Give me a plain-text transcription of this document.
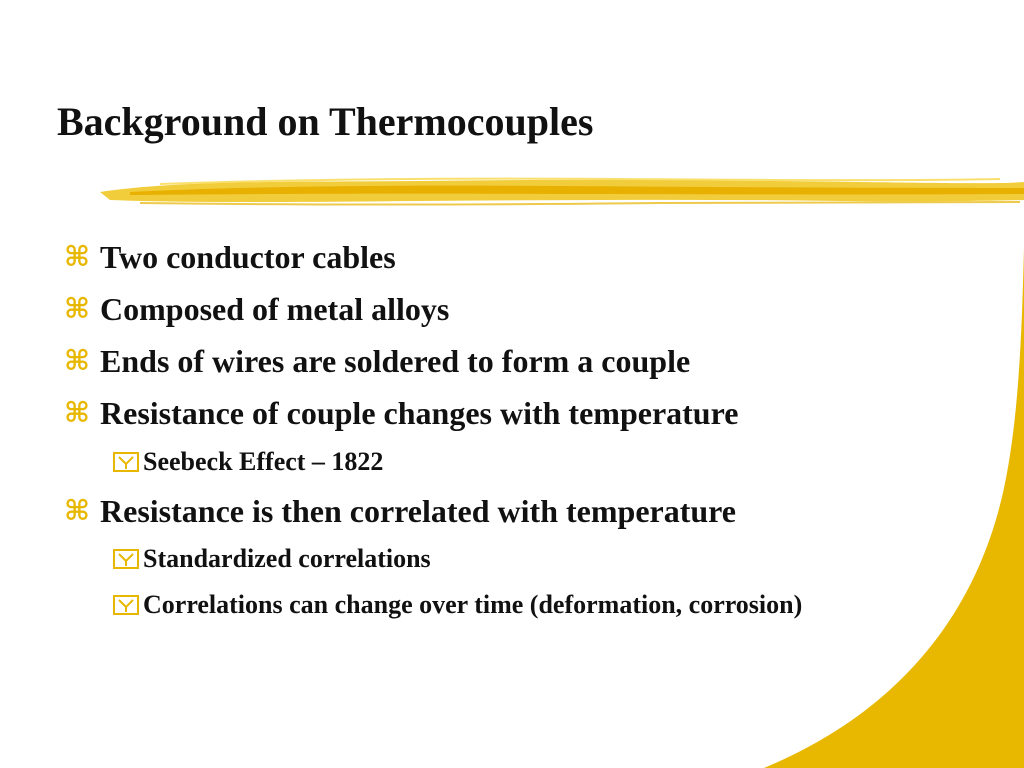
Background on Thermocouples
⌘ Two conductor cables
⌘ Composed of metal alloys
⌘ Ends of wires are soldered to form a couple
⌘ Resistance of couple changes with temperature
Seebeck Effect – 1822
⌘ Resistance is then correlated with temperature
Standardized correlations
Correlations can change over time (deformation, corrosion)
